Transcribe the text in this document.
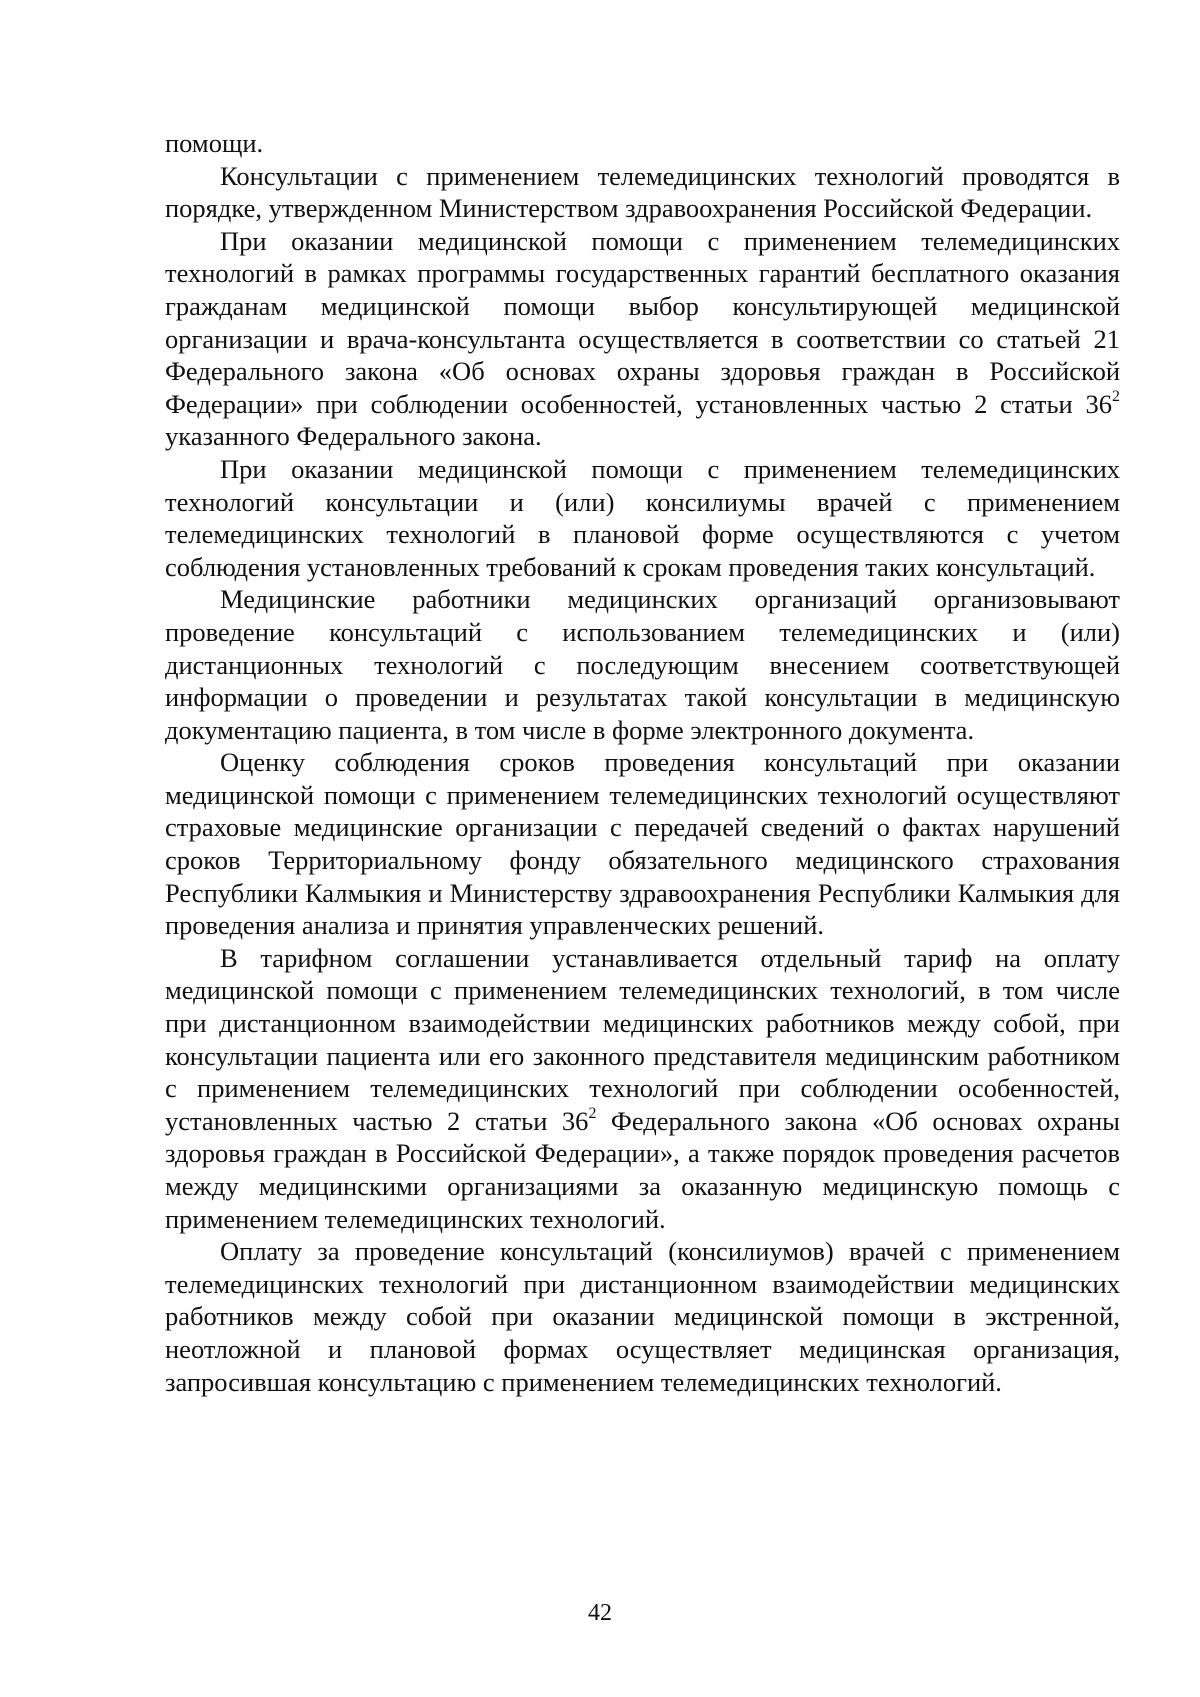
помощи.

Консультации с применением телемедицинских технологий проводятся в порядке, утвержденном Министерством здравоохранения Российской Федерации.

При оказании медицинской помощи с применением телемедицинских технологий в рамках программы государственных гарантий бесплатного оказания гражданам медицинской помощи выбор консультирующей медицинской организации и врача-консультанта осуществляется в соответствии со статьей 21 Федерального закона «Об основах охраны здоровья граждан в Российской Федерации» при соблюдении особенностей, установленных частью 2 статьи $36^2$ указанного Федерального закона.

При оказании медицинской помощи с применением телемедицинских технологий консультации и (или) консилиумы врачей с применением телемедицинских технологий в плановой форме осуществляются с учетом соблюдения установленных требований к срокам проведения таких консультаций.

Медицинские работники медицинских организаций организовывают проведение консультаций с использованием телемедицинских и (или) дистанционных технологий с последующим внесением соответствующей информации о проведении и результатах такой консультации в медицинскую документацию пациента, в том числе в форме электронного документа.

Оценку соблюдения сроков проведения консультаций при оказании медицинской помощи с применением телемедицинских технологий осуществляют страховые медицинские организации с передачей сведений о фактах нарушений сроков Территориальному фонду обязательного медицинского страхования Республики Калмыкия и Министерству здравоохранения Республики Калмыкия для проведения анализа и принятия управленческих решений.

В тарифном соглашении устанавливается отдельный тариф на оплату медицинской помощи с применением телемедицинских технологий, в том числе при дистанционном взаимодействии медицинских работников между собой, при консультации пациента или его законного представителя медицинским работником с применением телемедицинских технологий при соблюдении особенностей, установленных частью 2 статьи $36^2$ Федерального закона «Об основах охраны здоровья граждан в Российской Федерации», а также порядок проведения расчетов между медицинскими организациями за оказанную медицинскую помощь с применением телемедицинских технологий.

Оплату за проведение консультаций (консилиумов) врачей с применением телемедицинских технологий при дистанционном взаимодействии медицинских работников между собой при оказании медицинской помощи в экстренной, неотложной и плановой формах осуществляет медицинская организация, запросившая консультацию с применением телемедицинских технологий.

42
